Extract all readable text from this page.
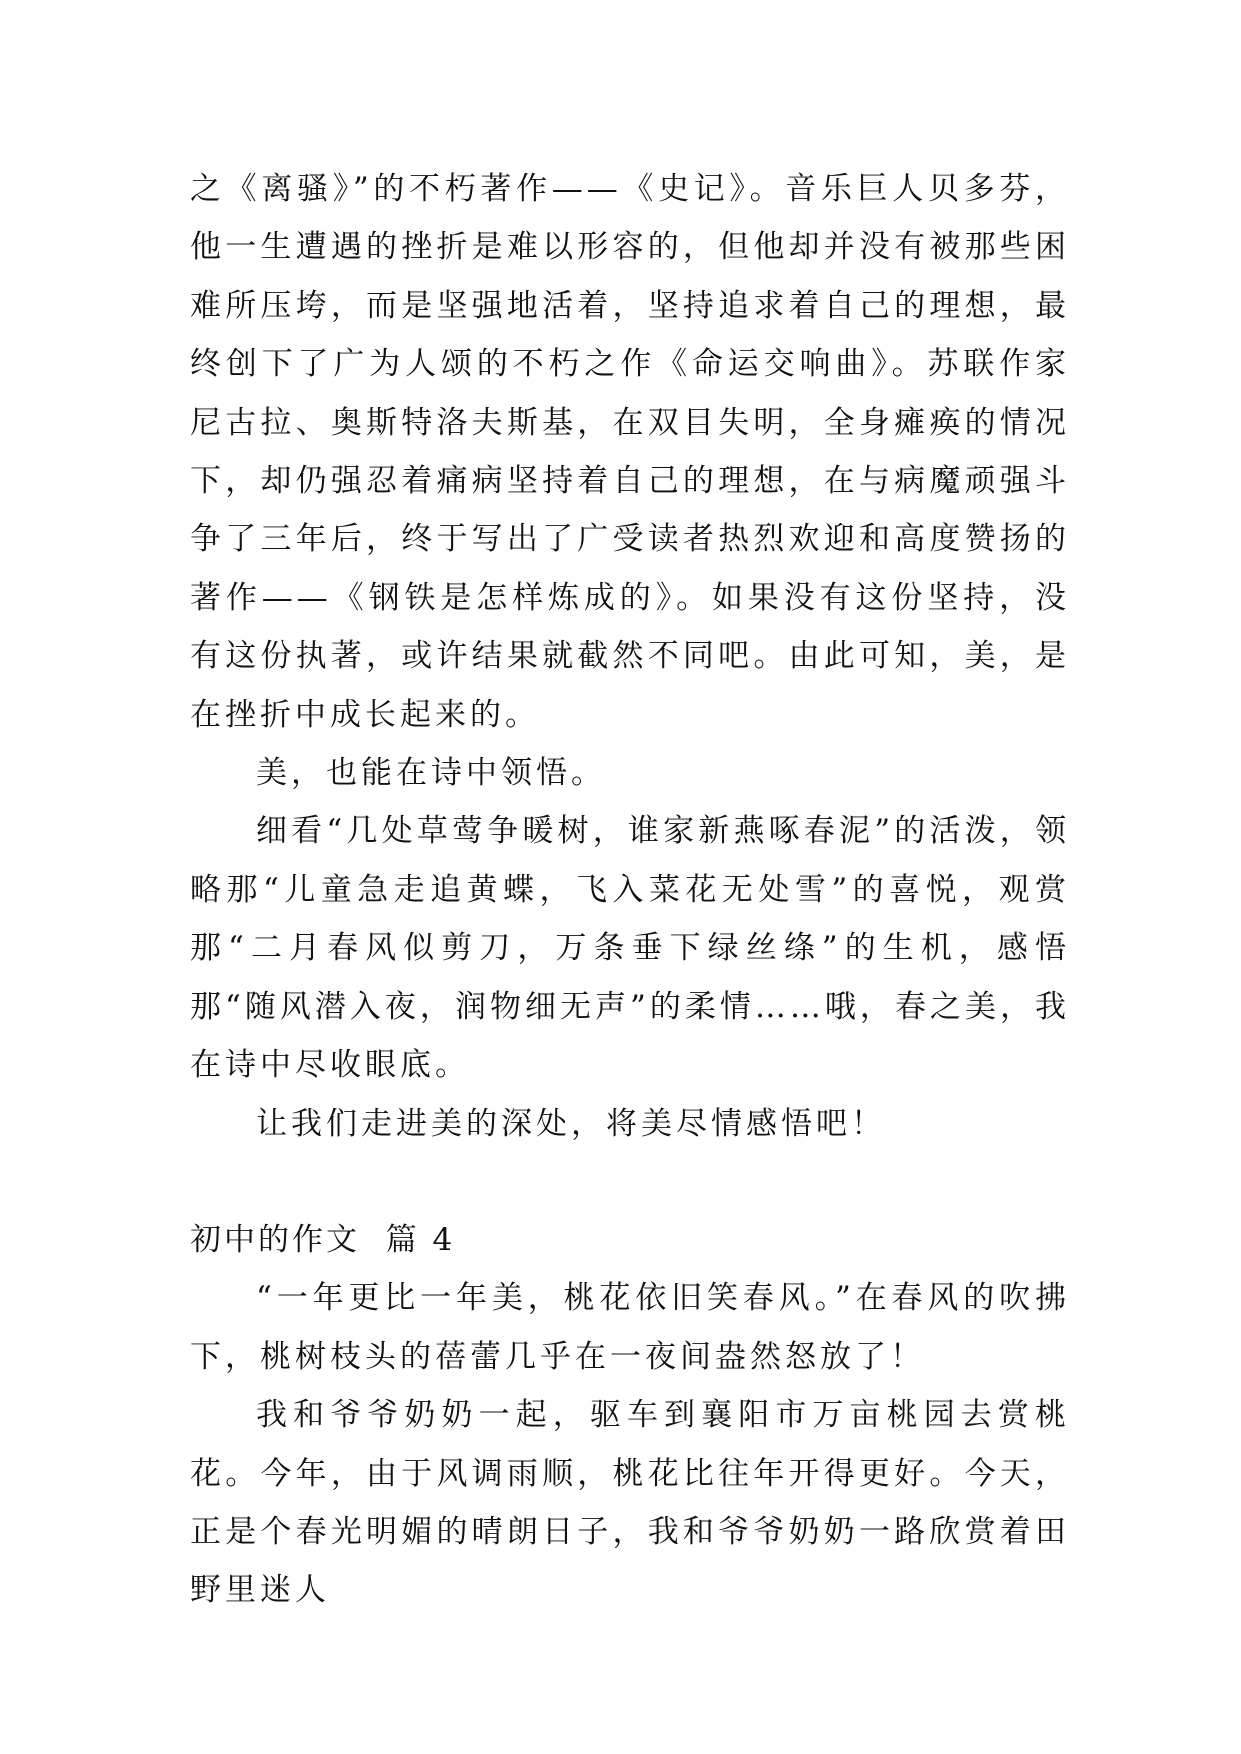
之《离骚》”的不朽著作——《史记》。音乐巨人贝多芬，他一生遭遇的挫折是难以形容的，但他却并没有被那些困难所压垮，而是坚强地活着，坚持追求着自己的理想，最终创下了广为人颂的不朽之作《命运交响曲》。苏联作家尼古拉、奥斯特洛夫斯基，在双目失明，全身瘫痪的情况下，却仍强忍着痛病坚持着自己的理想，在与病魔顽强斗争了三年后，终于写出了广受读者热烈欢迎和高度赞扬的著作——《钢铁是怎样炼成的》。如果没有这份坚持，没有这份执著，或许结果就截然不同吧。由此可知，美，是在挫折中成长起来的。

美，也能在诗中领悟。

细看“几处草莺争暖树，谁家新燕啄春泥”的活泼，领略那“儿童急走追黄蝶，飞入菜花无处雪”的喜悦，观赏那“二月春风似剪刀，万条垂下绿丝绦”的生机，感悟那“随风潜入夜，润物细无声”的柔情……哦，春之美，我在诗中尽收眼底。

让我们走进美的深处，将美尽情感悟吧！

初中的作文  篇 4

“一年更比一年美，桃花依旧笑春风。”在春风的吹拂下，桃树枝头的蓓蕾几乎在一夜间盎然怒放了！

我和爷爷奶奶一起，驱车到襄阳市万亩桃园去赏桃花。今年，由于风调雨顺，桃花比往年开得更好。今天，正是个春光明媚的晴朗日子，我和爷爷奶奶一路欣赏着田野里迷人
